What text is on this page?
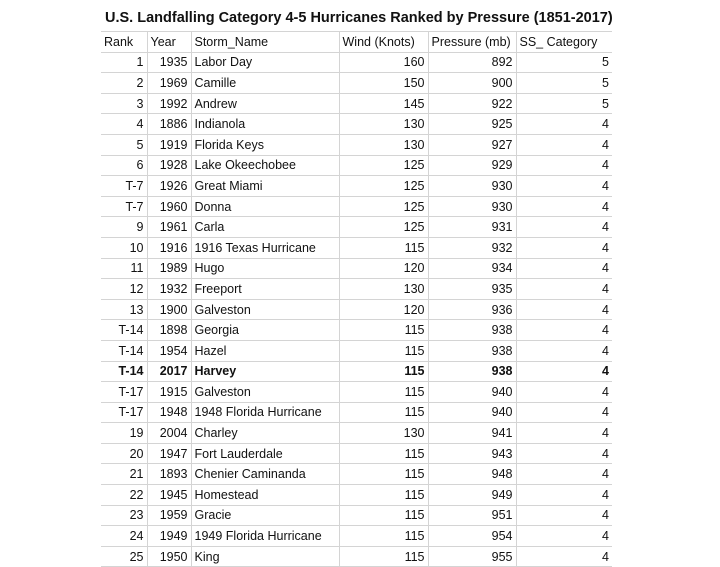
U.S. Landfalling Category 4-5 Hurricanes Ranked by Pressure (1851-2017)
Rank	Year	Storm_Name	Wind (Knots)	Pressure (mb)	SS_ Category
1	1935	Labor Day	160	892	5
2	1969	Camille	150	900	5
3	1992	Andrew	145	922	5
4	1886	Indianola	130	925	4
5	1919	Florida Keys	130	927	4
6	1928	Lake Okeechobee	125	929	4
T-7	1926	Great Miami	125	930	4
T-7	1960	Donna	125	930	4
9	1961	Carla	125	931	4
10	1916	1916 Texas Hurricane	115	932	4
11	1989	Hugo	120	934	4
12	1932	Freeport	130	935	4
13	1900	Galveston	120	936	4
T-14	1898	Georgia	115	938	4
T-14	1954	Hazel	115	938	4
T-14	2017	Harvey	115	938	4
T-17	1915	Galveston	115	940	4
T-17	1948	1948 Florida Hurricane	115	940	4
19	2004	Charley	130	941	4
20	1947	Fort Lauderdale	115	943	4
21	1893	Chenier Caminanda	115	948	4
22	1945	Homestead	115	949	4
23	1959	Gracie	115	951	4
24	1949	1949 Florida Hurricane	115	954	4
25	1950	King	115	955	4
